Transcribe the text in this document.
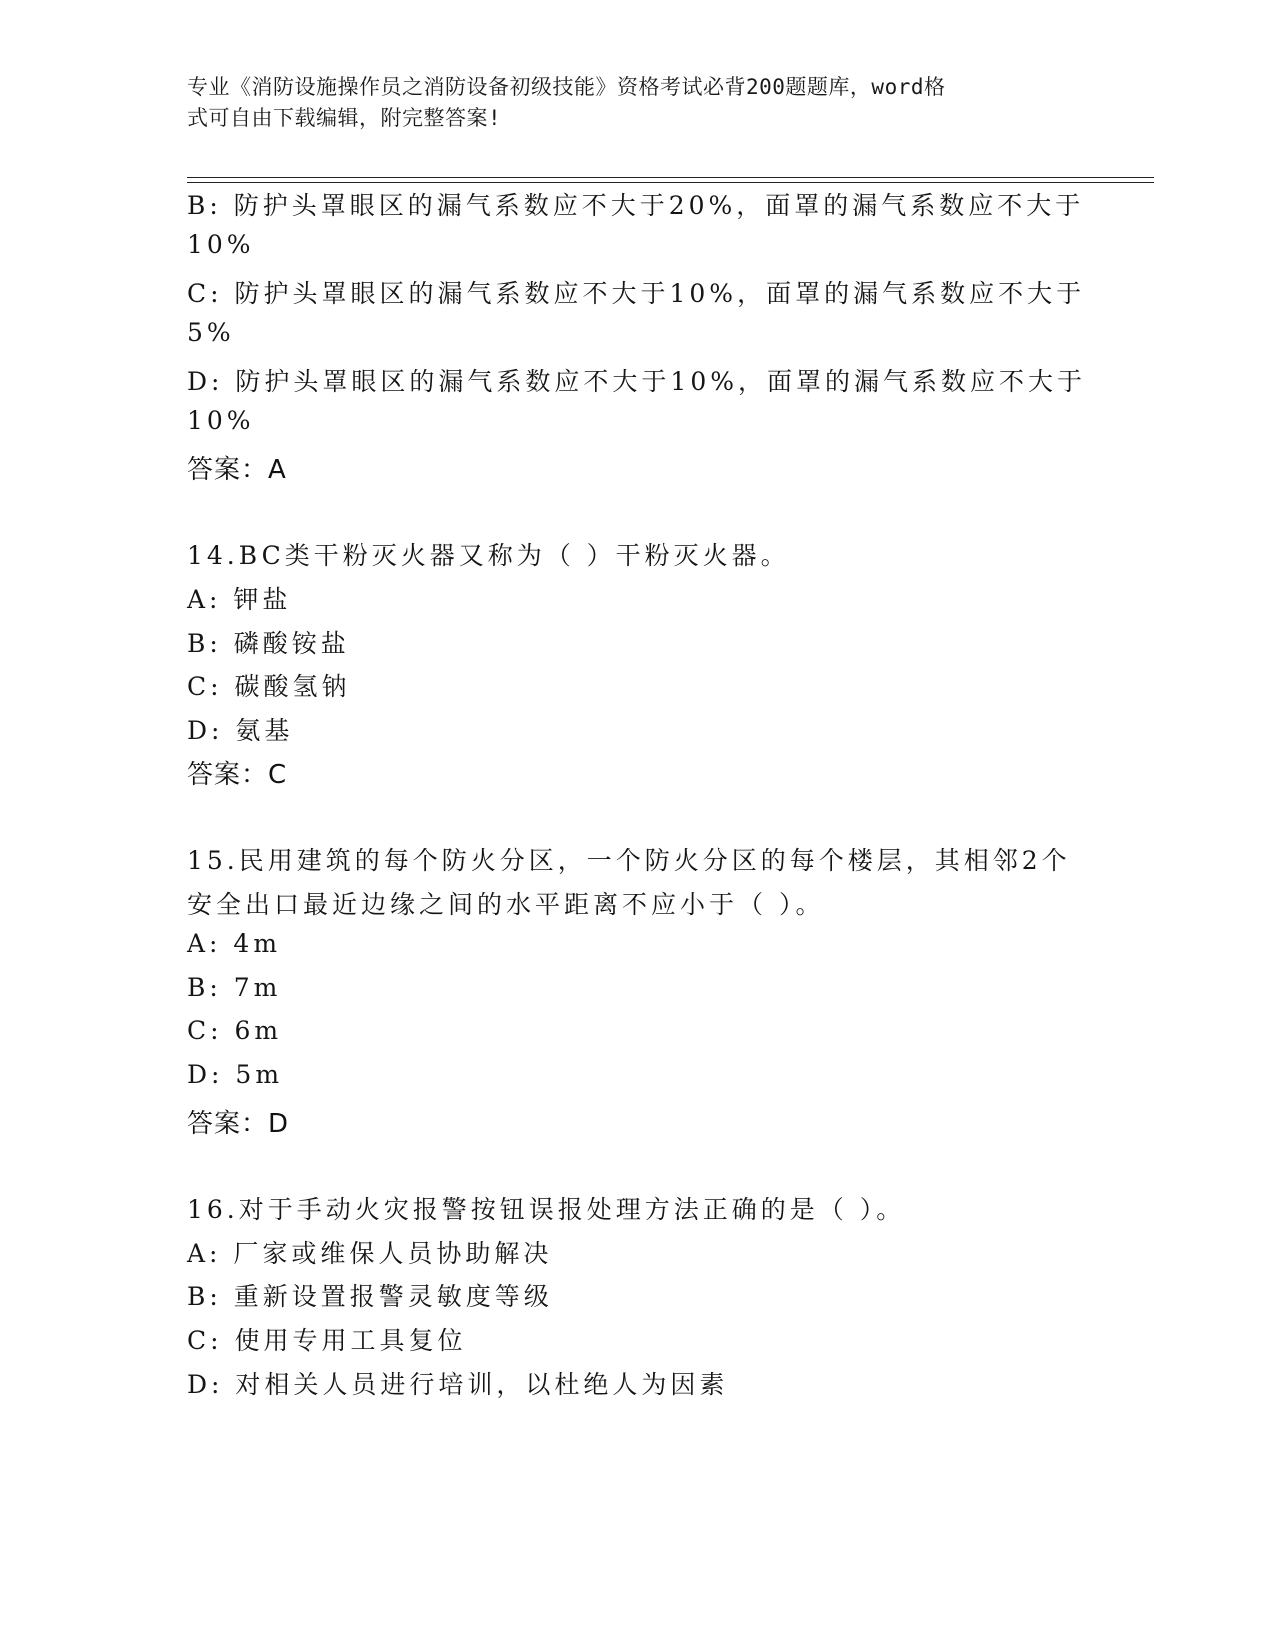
专业《消防设施操作员之消防设备初级技能》资格考试必背200题题库，word格
式可自由下载编辑，附完整答案!
B: 防护头罩眼区的漏气系数应不大于20%，面罩的漏气系数应不大于
10%
C: 防护头罩眼区的漏气系数应不大于10%，面罩的漏气系数应不大于
5%
D: 防护头罩眼区的漏气系数应不大于10%，面罩的漏气系数应不大于
10%
答案：A
14.BC类干粉灭火器又称为（ ）干粉灭火器。
A: 钾盐
B: 磷酸铵盐
C: 碳酸氢钠
D: 氨基
答案：C
15.民用建筑的每个防火分区，一个防火分区的每个楼层，其相邻2个
安全出口最近边缘之间的水平距离不应小于（ ）。
A: 4m
B: 7m
C: 6m
D: 5m
答案：D
16.对于手动火灾报警按钮误报处理方法正确的是（ ）。
A: 厂家或维保人员协助解决
B: 重新设置报警灵敏度等级
C: 使用专用工具复位
D: 对相关人员进行培训，以杜绝人为因素
